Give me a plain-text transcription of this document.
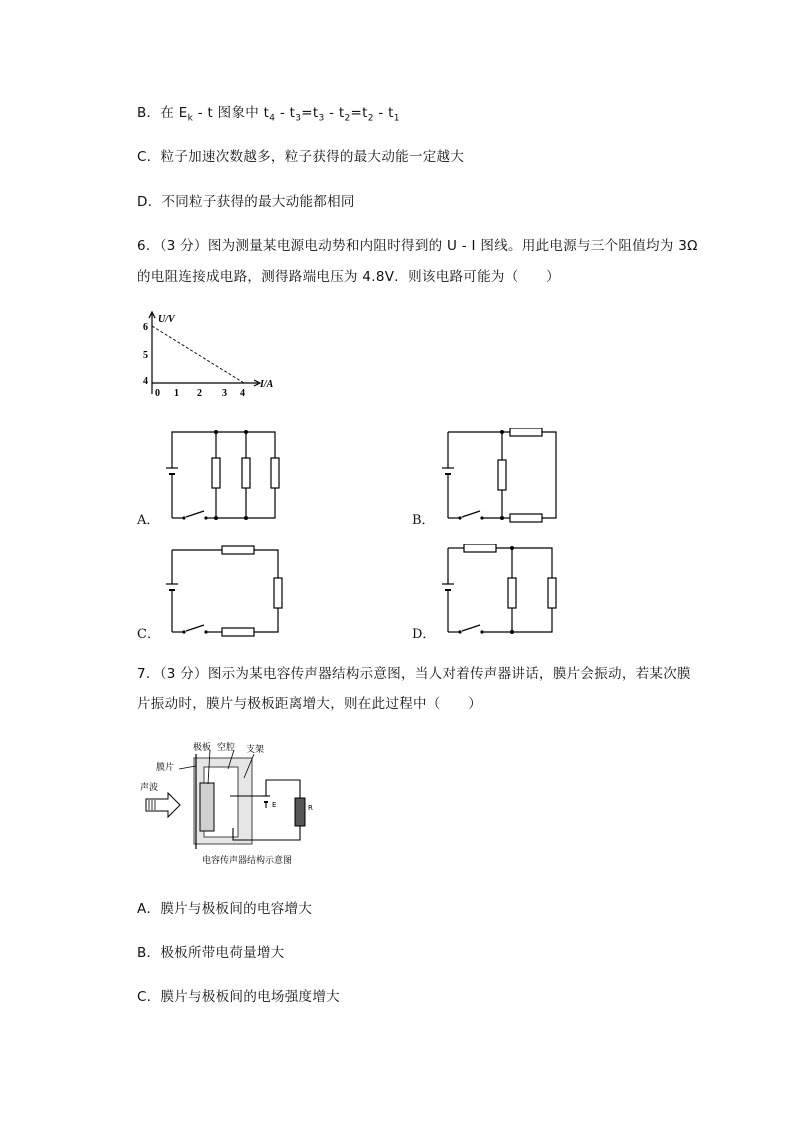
B．在 $E_k$ - t 图象中 $t_4 - t_3=t_3 - t_2=t_2 - t_1$
C．粒子加速次数越多，粒子获得的最大动能一定越大
D．不同粒子获得的最大动能都相同
6．（3 分）图为测量某电源电动势和内阻时得到的 U - I 图线。用此电源与三个阻值均为 3Ω
的电阻连接成电路，测得路端电压为 4.8V．则该电路可能为（　　）
U/V
I/A
6
5
4
0 1 2 3 4
A．	B．
C．	D．
7．（3 分）图示为某电容传声器结构示意图，当人对着传声器讲话，膜片会振动，若某次膜
片振动时，膜片与极板距离增大，则在此过程中（　　）
极板 空腔 支架
膜片
声波
E	R
电容传声器结构示意图
A．膜片与极板间的电容增大
B．极板所带电荷量增大
C．膜片与极板间的电场强度增大
